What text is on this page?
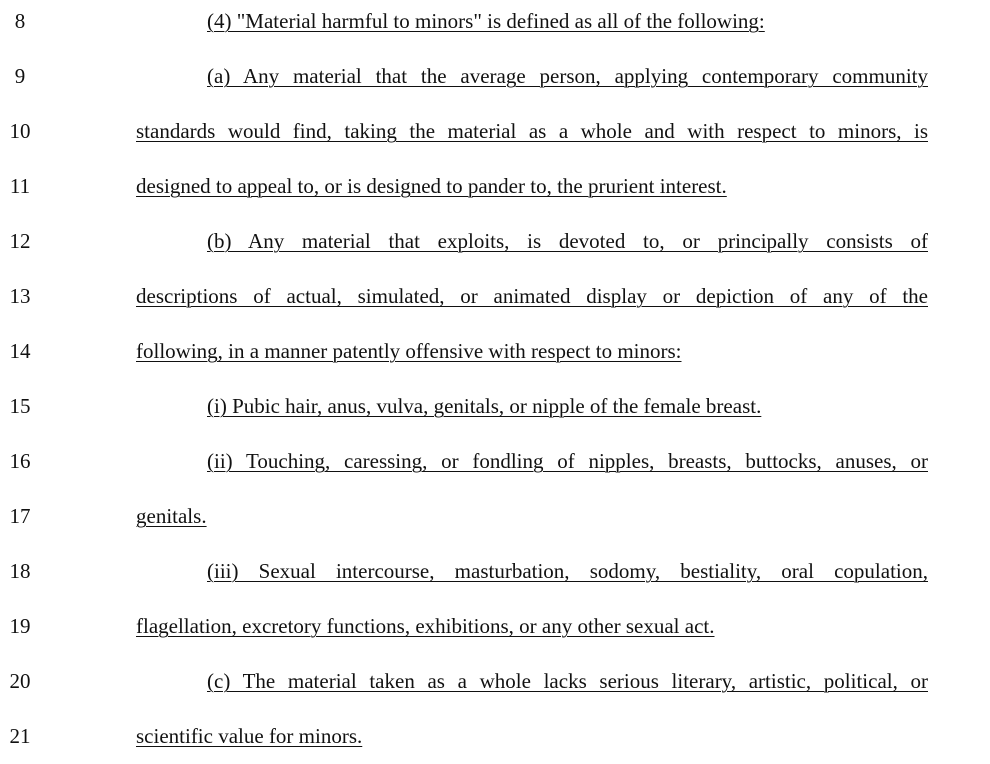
8	(4) "Material harmful to minors" is defined as all of the following:
9	(a) Any material that the average person, applying contemporary community
10	standards would find, taking the material as a whole and with respect to minors, is
11	designed to appeal to, or is designed to pander to, the prurient interest.
12	(b) Any material that exploits, is devoted to, or principally consists of
13	descriptions of actual, simulated, or animated display or depiction of any of the
14	following, in a manner patently offensive with respect to minors:
15	(i) Pubic hair, anus, vulva, genitals, or nipple of the female breast.
16	(ii) Touching, caressing, or fondling of nipples, breasts, buttocks, anuses, or
17	genitals.
18	(iii) Sexual intercourse, masturbation, sodomy, bestiality, oral copulation,
19	flagellation, excretory functions, exhibitions, or any other sexual act.
20	(c) The material taken as a whole lacks serious literary, artistic, political, or
21	scientific value for minors.
